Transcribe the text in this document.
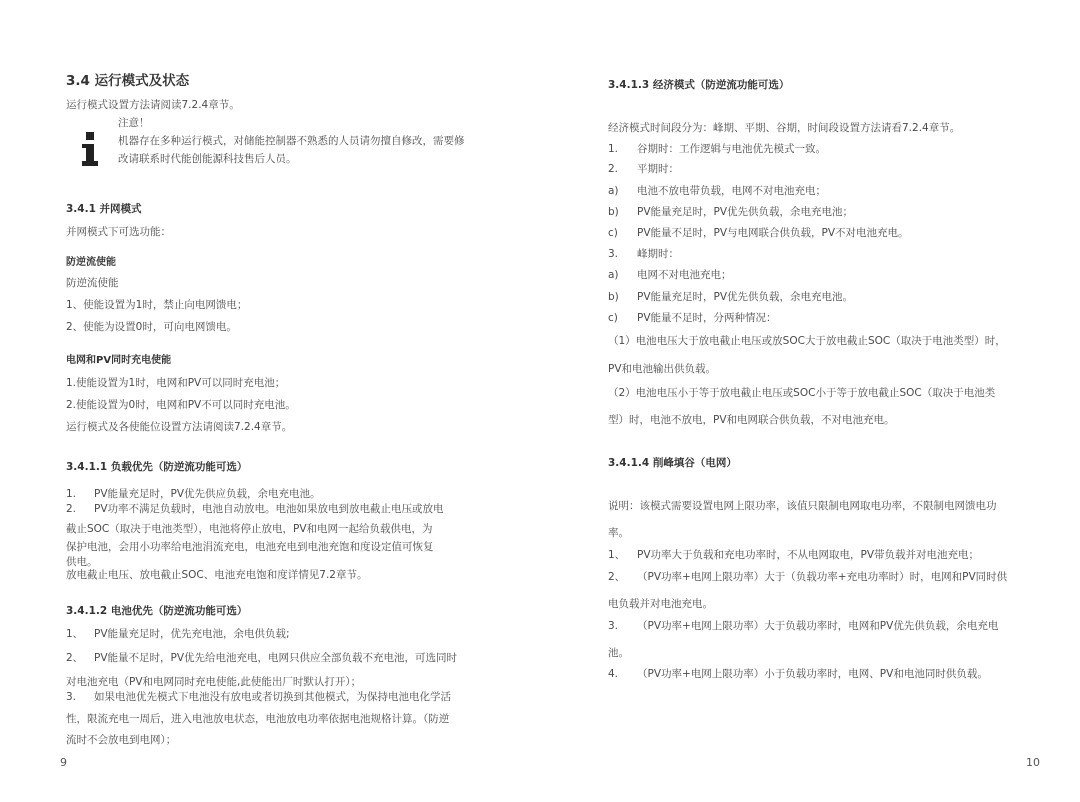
3.4 运行模式及状态
运行模式设置方法请阅读7.2.4章节。
注意！
机器存在多种运行模式，对储能控制器不熟悉的人员请勿擅自修改，需要修
改请联系时代能创能源科技售后人员。
3.4.1 并网模式
并网模式下可选功能：
防逆流使能
防逆流使能
1、使能设置为1时，禁止向电网馈电；
2、使能为设置0时，可向电网馈电。
电网和PV同时充电使能
1.使能设置为1时，电网和PV可以同时充电池；
2.使能设置为0时，电网和PV不可以同时充电池。
运行模式及各使能位设置方法请阅读7.2.4章节。
3.4.1.1 负载优先（防逆流功能可选）
1. PV能量充足时，PV优先供应负载，余电充电池。
2. PV功率不满足负载时，电池自动放电。电池如果放电到放电截止电压或放电
截止SOC（取决于电池类型），电池将停止放电，PV和电网一起给负载供电，为
保护电池，会用小功率给电池涓流充电，电池充电到电池充饱和度设定值可恢复
供电。
放电截止电压、放电截止SOC、电池充电饱和度详情见7.2章节。
3.4.1.2 电池优先（防逆流功能可选）
1、 PV能量充足时，优先充电池，余电供负载;
2、 PV能量不足时，PV优先给电池充电，电网只供应全部负载不充电池，可选同时
对电池充电（PV和电网同时充电使能,此使能出厂时默认打开）；
3. 如果电池优先模式下电池没有放电或者切换到其他模式，为保持电池电化学活
性，限流充电一周后，进入电池放电状态，电池放电功率依据电池规格计算。（防逆
流时不会放电到电网）；
9
3.4.1.3 经济模式（防逆流功能可选）
经济模式时间段分为：峰期、平期、谷期，时间段设置方法请看7.2.4章节。
1. 谷期时：工作逻辑与电池优先模式一致。
2. 平期时：
a) 电池不放电带负载，电网不对电池充电；
b) PV能量充足时，PV优先供负载，余电充电池；
c) PV能量不足时，PV与电网联合供负载，PV不对电池充电。
3. 峰期时：
a) 电网不对电池充电；
b) PV能量充足时，PV优先供负载，余电充电池。
c) PV能量不足时，分两种情况：
（1）电池电压大于放电截止电压或放SOC大于放电截止SOC（取决于电池类型）时，
PV和电池输出供负载。
（2）电池电压小于等于放电截止电压或SOC小于等于放电截止SOC（取决于电池类
型）时，电池不放电，PV和电网联合供负载，不对电池充电。
3.4.1.4 削峰填谷（电网）
说明：该模式需要设置电网上限功率，该值只限制电网取电功率，不限制电网馈电功
率。
1、 PV功率大于负载和充电功率时，不从电网取电，PV带负载并对电池充电；
2、 （PV功率+电网上限功率）大于（负载功率+充电功率时）时，电网和PV同时供
电负载并对电池充电。
3. （PV功率+电网上限功率）大于负载功率时，电网和PV优先供负载，余电充电
池。
4. （PV功率+电网上限功率）小于负载功率时，电网、PV和电池同时供负载。
10
